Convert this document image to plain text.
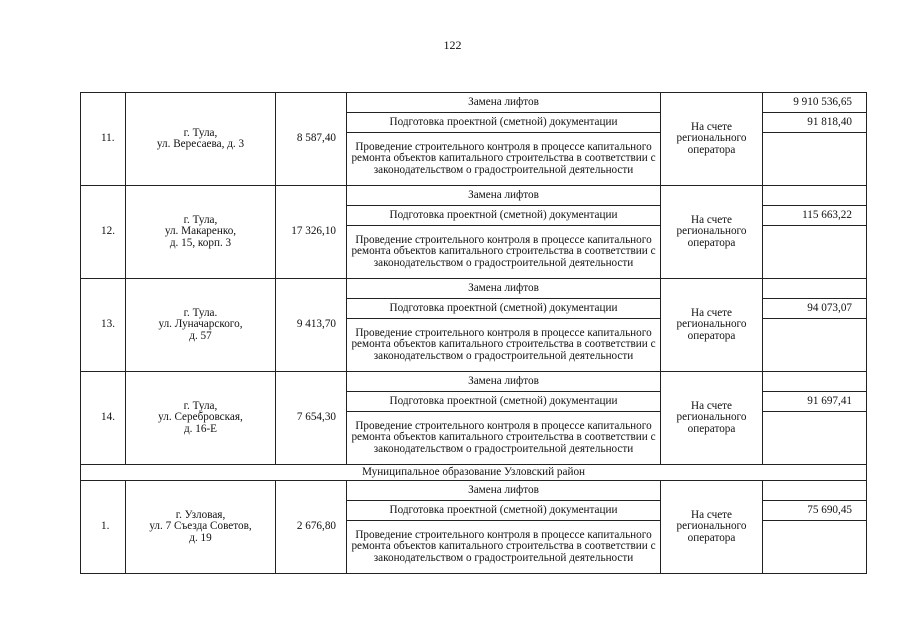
122
11.	г. Тула,
ул. Вересаева, д. 3	8 587,40	Замена лифтов	На счете
регионального
оператора	9 910 536,65
			Подготовка проектной (сметной) документации		91 818,40
			Проведение строительного контроля в процессе капитального ремонта объектов капитального строительства в соответствии с законодательством о градостроительной деятельности		
12.	г. Тула,
ул. Макаренко,
д. 15, корп. 3	17 326,10	Замена лифтов	На счете
регионального
оператора	
			Подготовка проектной (сметной) документации		115 663,22
			Проведение строительного контроля в процессе капитального ремонта объектов капитального строительства в соответствии с законодательством о градостроительной деятельности		
13.	г. Тула.
ул. Луначарского,
д. 57	9 413,70	Замена лифтов	На счете
регионального
оператора	
			Подготовка проектной (сметной) документации		94 073,07
			Проведение строительного контроля в процессе капитального ремонта объектов капитального строительства в соответствии с законодательством о градостроительной деятельности		
14.	г. Тула,
ул. Серебровская,
д. 16-Е	7 654,30	Замена лифтов	На счете
регионального
оператора	
			Подготовка проектной (сметной) документации		91 697,41
			Проведение строительного контроля в процессе капитального ремонта объектов капитального строительства в соответствии с законодательством о градостроительной деятельности		
Муниципальное образование Узловский район					
1.	г. Узловая,
ул. 7 Съезда Советов,
д. 19	2 676,80	Замена лифтов	На счете
регионального
оператора	
			Подготовка проектной (сметной) документации		75 690,45
			Проведение строительного контроля в процессе капитального ремонта объектов капитального строительства в соответствии с законодательством о градостроительной деятельности		
